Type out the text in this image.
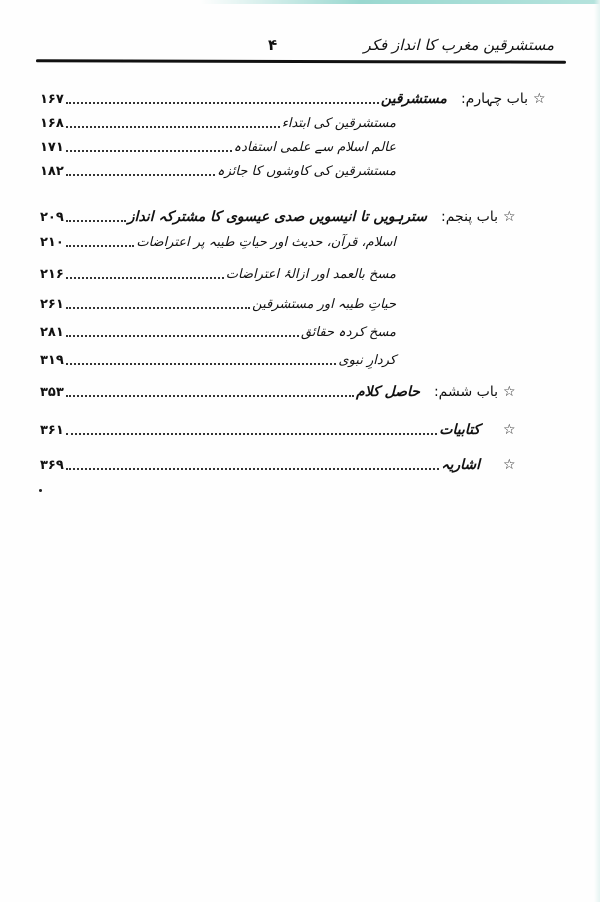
مستشرقین مغرب کا انداز فکر
۴
☆
۱۶۷	مستشرقین باب چہارم:
۱۶۸	مستشرقین کی ابتداء
۱۷۱	عالم اسلام سے علمی استفادہ
۱۸۲	مستشرقین کی کاوشوں کا جائزہ
☆
۲۰۹	سترہویں تا انیسویں صدی عیسوی کا مشترکہ انداز باب پنجم:
۲۱۰	اسلام، قرآن، حدیث اور حیاتِ طیبہ پر اعتراضات
۲۱۶	مسخ بالعمد اور ازالۂ اعتراضات
۲۶۱	حیاتِ طیبہ اور مستشرقین
۲۸۱	مسخ کردہ حقائق
۳۱۹	کردارِ نبوی
☆
۳۵۳	حاصل کلام باب ششم:
☆
۳۶۱	کتابیات
☆
۳۶۹	اشاریہ
